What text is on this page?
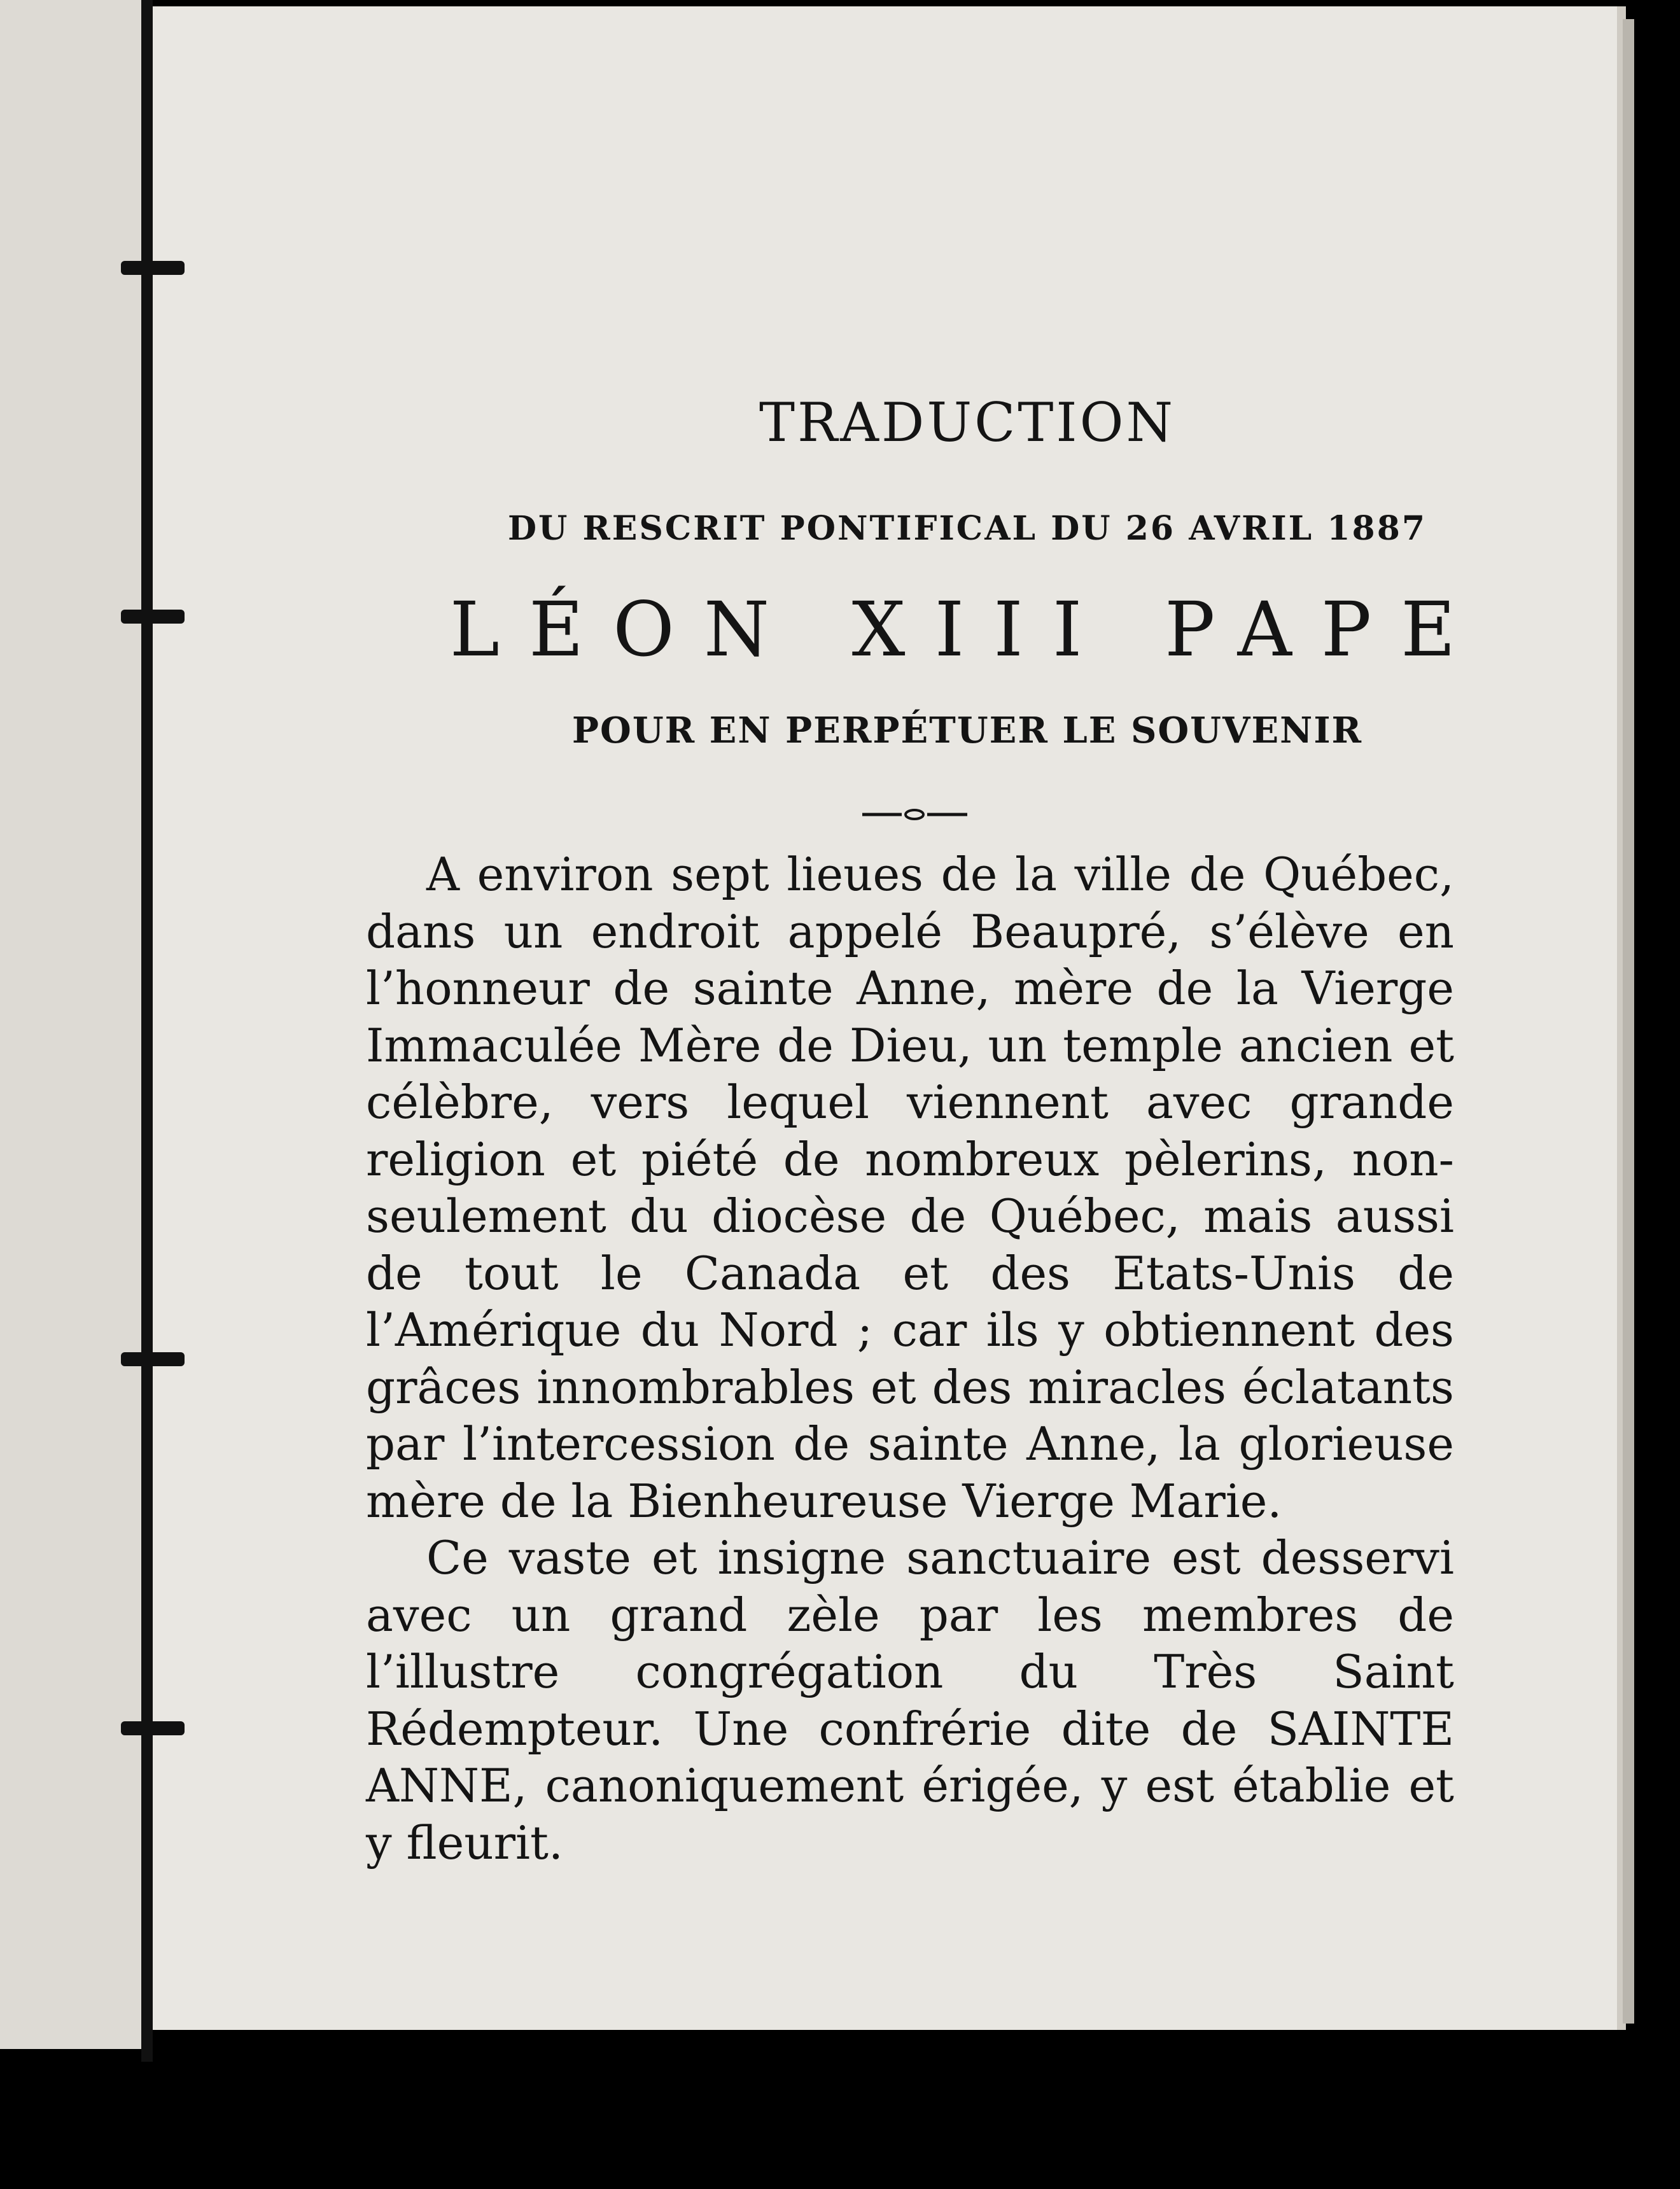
TRADUCTION
DU RESCRIT PONTIFICAL DU 26 AVRIL 1887
LÉON XIII PAPE
POUR EN PERPÉTUER LE SOUVENIR

A environ sept lieues de la ville de Québec, dans un endroit appelé Beaupré, s’élève en l’honneur de sainte Anne, mère de la Vierge Immaculée Mère de Dieu, un temple ancien et célèbre, vers lequel viennent avec grande religion et piété de nombreux pèlerins, non-seulement du diocèse de Québec, mais aussi de tout le Canada et des Etats-Unis de l’Amérique du Nord ; car ils y obtiennent des grâces innombrables et des miracles éclatants par l’intercession de sainte Anne, la glorieuse mère de la Bienheureuse Vierge Marie.

Ce vaste et insigne sanctuaire est desservi avec un grand zèle par les membres de l’illustre congrégation du Très Saint Rédempteur. Une confrérie dite de SAINTE ANNE, canoniquement érigée, y est établie et y fleurit.
